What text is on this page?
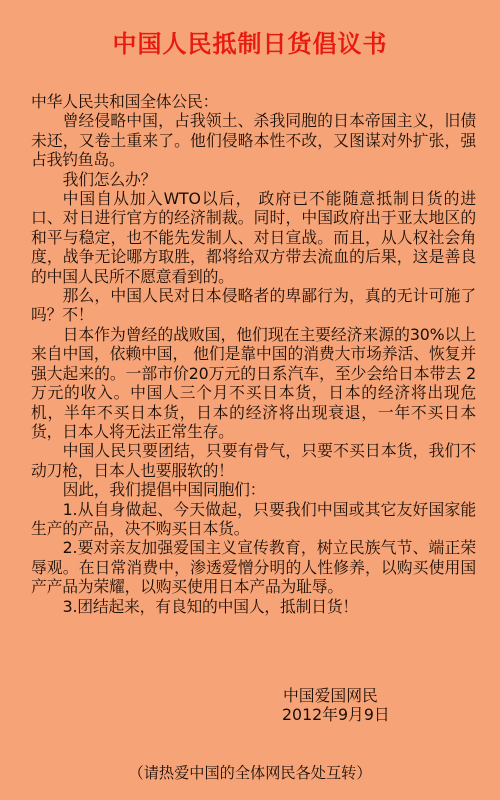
中国人民抵制日货倡议书

中华人民共和国全体公民：

曾经侵略中国，占我领土、杀我同胞的日本帝国主义，旧债未还，又卷土重来了。他们侵略本性不改，又图谋对外扩张，强占我钓鱼岛。

我们怎么办？

中国自从加入WTO以后， 政府已不能随意抵制日货的进口、对日进行官方的经济制裁。同时，中国政府出于亚太地区的和平与稳定，也不能先发制人、对日宣战。而且，从人权社会角度，战争无论哪方取胜，都将给双方带去流血的后果，这是善良的中国人民所不愿意看到的。

那么，中国人民对日本侵略者的卑鄙行为，真的无计可施了吗？不！

日本作为曾经的战败国，他们现在主要经济来源的30%以上来自中国，依赖中国， 他们是靠中国的消费大市场养活、恢复并强大起来的。一部市价20万元的日系汽车，至少会给日本带去 2万元的收入。中国人三个月不买日本货，日本的经济将出现危机，半年不买日本货，日本的经济将出现衰退，一年不买日本货，日本人将无法正常生存。

中国人民只要团结，只要有骨气，只要不买日本货，我们不动刀枪，日本人也要服软的！

因此，我们提倡中国同胞们：

1.从自身做起、今天做起，只要我们中国或其它友好国家能生产的产品，决不购买日本货。

2.要对亲友加强爱国主义宣传教育，树立民族气节、端正荣辱观。在日常消费中，渗透爱憎分明的人性修养，以购买使用国产产品为荣耀，以购买使用日本产品为耻辱。

3.团结起来，有良知的中国人，抵制日货！

中国爱国网民
2012年9月9日
（请热爱中国的全体网民各处互转）
